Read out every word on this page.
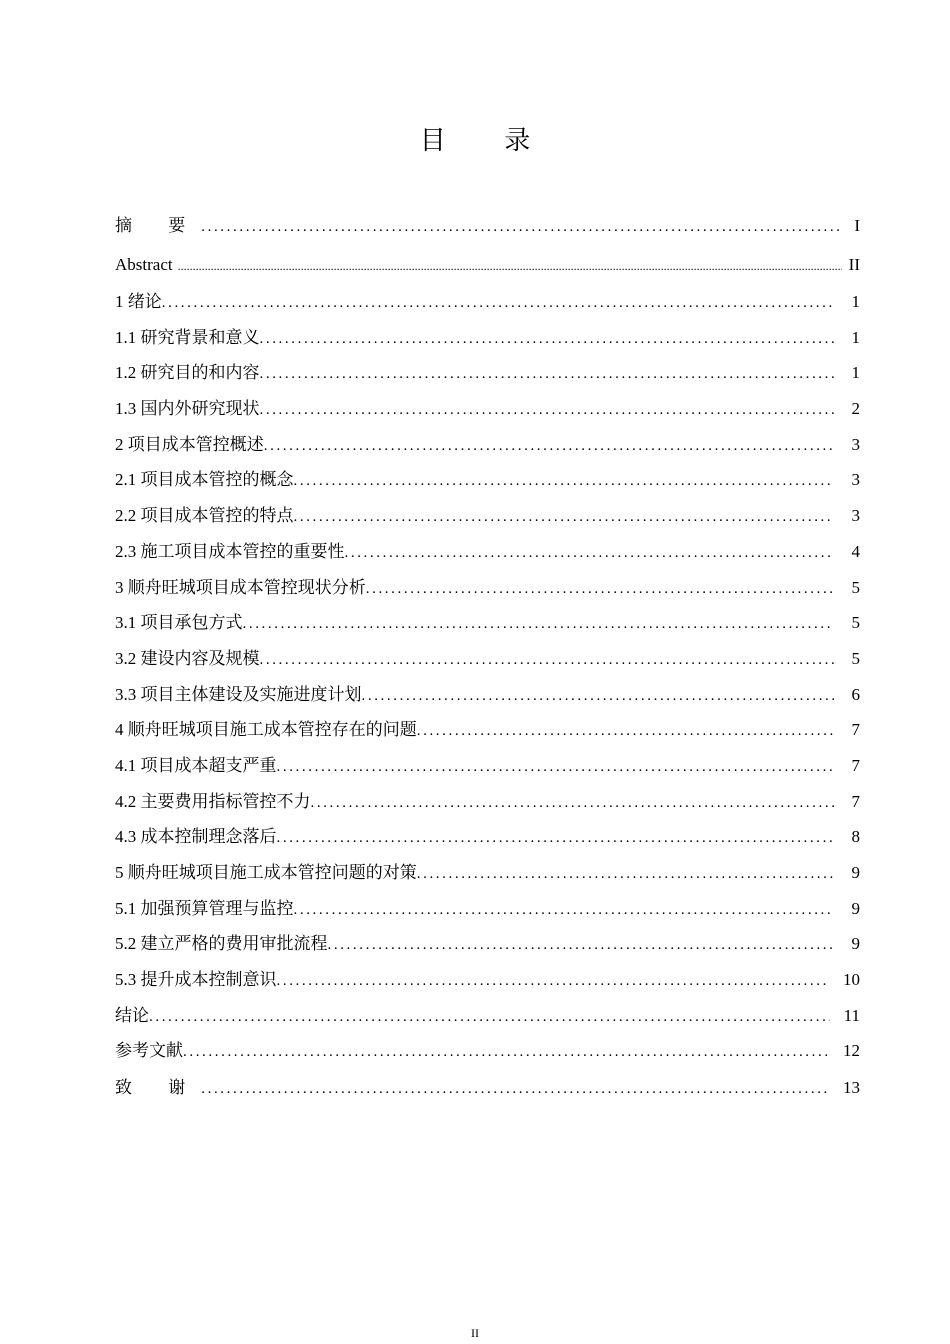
目 录
摘 要 .....	I
Abstract .....	II
1 绪论 .....	1
1.1 研究背景和意义 .....	1
1.2 研究目的和内容 .....	1
1.3 国内外研究现状 .....	2
2 项目成本管控概述 .....	3
2.1 项目成本管控的概念 .....	3
2.2 项目成本管控的特点 .....	3
2.3 施工项目成本管控的重要性 .....	4
3 顺舟旺城项目成本管控现状分析 .....	5
3.1 项目承包方式 .....	5
3.2 建设内容及规模 .....	5
3.3 项目主体建设及实施进度计划 .....	6
4 顺舟旺城项目施工成本管控存在的问题 .....	7
4.1 项目成本超支严重 .....	7
4.2 主要费用指标管控不力 .....	7
4.3 成本控制理念落后 .....	8
5 顺舟旺城项目施工成本管控问题的对策 .....	9
5.1 加强预算管理与监控 .....	9
5.2 建立严格的费用审批流程 .....	9
5.3 提升成本控制意识 .....	10
结论 .....	11
参考文献 .....	12
致 谢 .....	13
II
